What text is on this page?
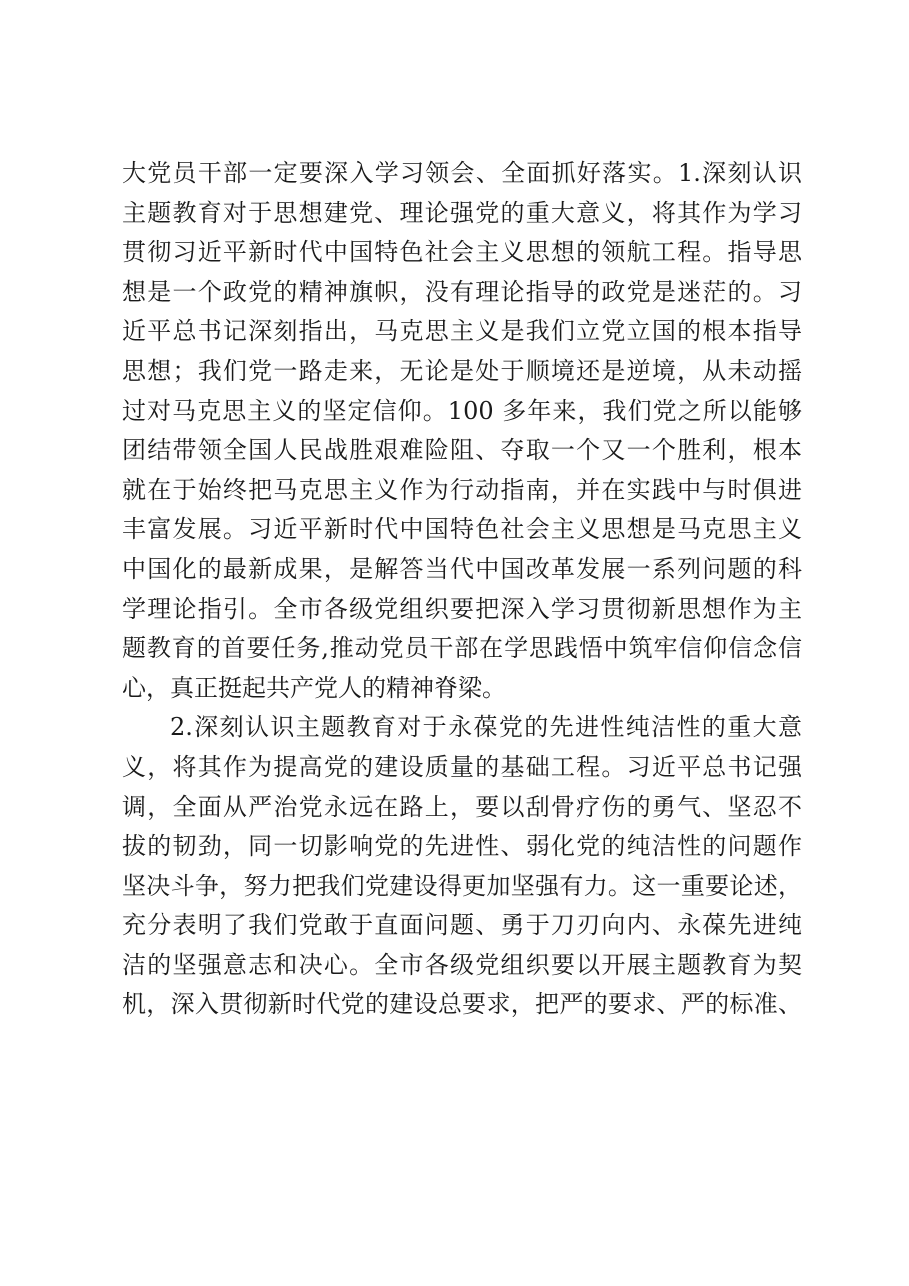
大党员干部一定要深入学习领会、全面抓好落实。1.深刻认识
主题教育对于思想建党、理论强党的重大意义，将其作为学习
贯彻习近平新时代中国特色社会主义思想的领航工程。指导思
想是一个政党的精神旗帜，没有理论指导的政党是迷茫的。习
近平总书记深刻指出，马克思主义是我们立党立国的根本指导
思想；我们党一路走来，无论是处于顺境还是逆境，从未动摇
过对马克思主义的坚定信仰。100 多年来，我们党之所以能够
团结带领全国人民战胜艰难险阻、夺取一个又一个胜利，根本
就在于始终把马克思主义作为行动指南，并在实践中与时俱进
丰富发展。习近平新时代中国特色社会主义思想是马克思主义
中国化的最新成果，是解答当代中国改革发展一系列问题的科
学理论指引。全市各级党组织要把深入学习贯彻新思想作为主
题教育的首要任务,推动党员干部在学思践悟中筑牢信仰信念信
心，真正挺起共产党人的精神脊梁。
2.深刻认识主题教育对于永葆党的先进性纯洁性的重大意
义，将其作为提高党的建设质量的基础工程。习近平总书记强
调，全面从严治党永远在路上，要以刮骨疗伤的勇气、坚忍不
拔的韧劲，同一切影响党的先进性、弱化党的纯洁性的问题作
坚决斗争，努力把我们党建设得更加坚强有力。这一重要论述，
充分表明了我们党敢于直面问题、勇于刀刃向内、永葆先进纯
洁的坚强意志和决心。全市各级党组织要以开展主题教育为契
机，深入贯彻新时代党的建设总要求，把严的要求、严的标准、
